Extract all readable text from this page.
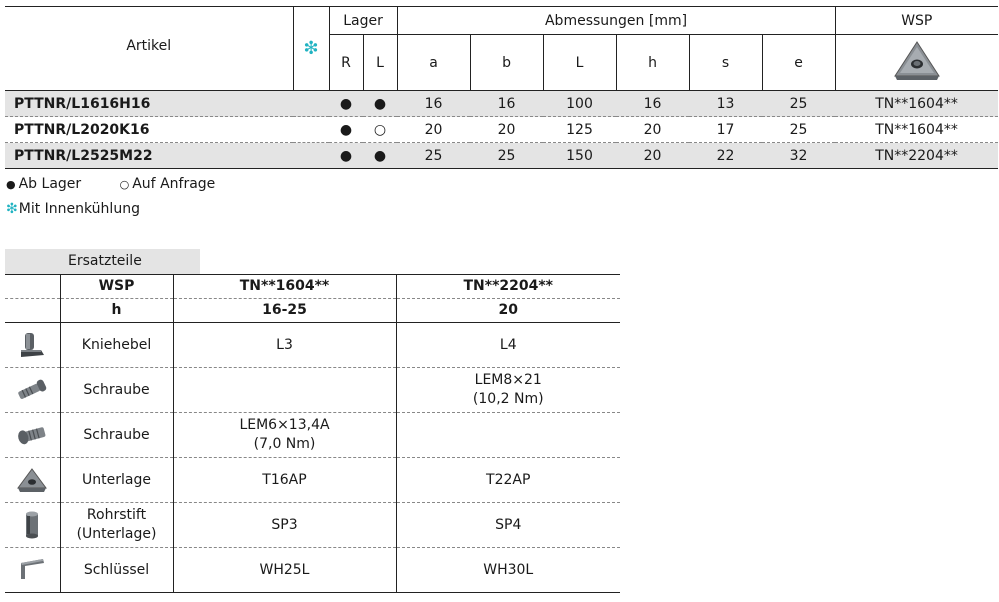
Artikel	❇	Lager		Abmessungen [mm]						WSP
		R	L	a	b	L	h	s	e	
PTTNR/L1616H16		●	●	16	16	100	16	13	25	TN**1604**
PTTNR/L2020K16		●	○	20	20	125	20	17	25	TN**1604**
PTTNR/L2525M22		●	●	25	25	150	20	22	32	TN**2204**
● Ab Lager	○ Auf Anfrage
❇Mit Innenkühlung
Ersatzteile
	WSP	TN**1604**	TN**2204**
	h	16-25	20

	Kniehebel	L3	L4

	Schraube		LEM8×21
(10,2 Nm)

	Schraube	LEM6×13,4A
(7,0 Nm)	

	Unterlage	T16AP	T22AP

Rohrstift
(Unterlage)	SP3	SP4

	Schlüssel	WH25L	WH30L
